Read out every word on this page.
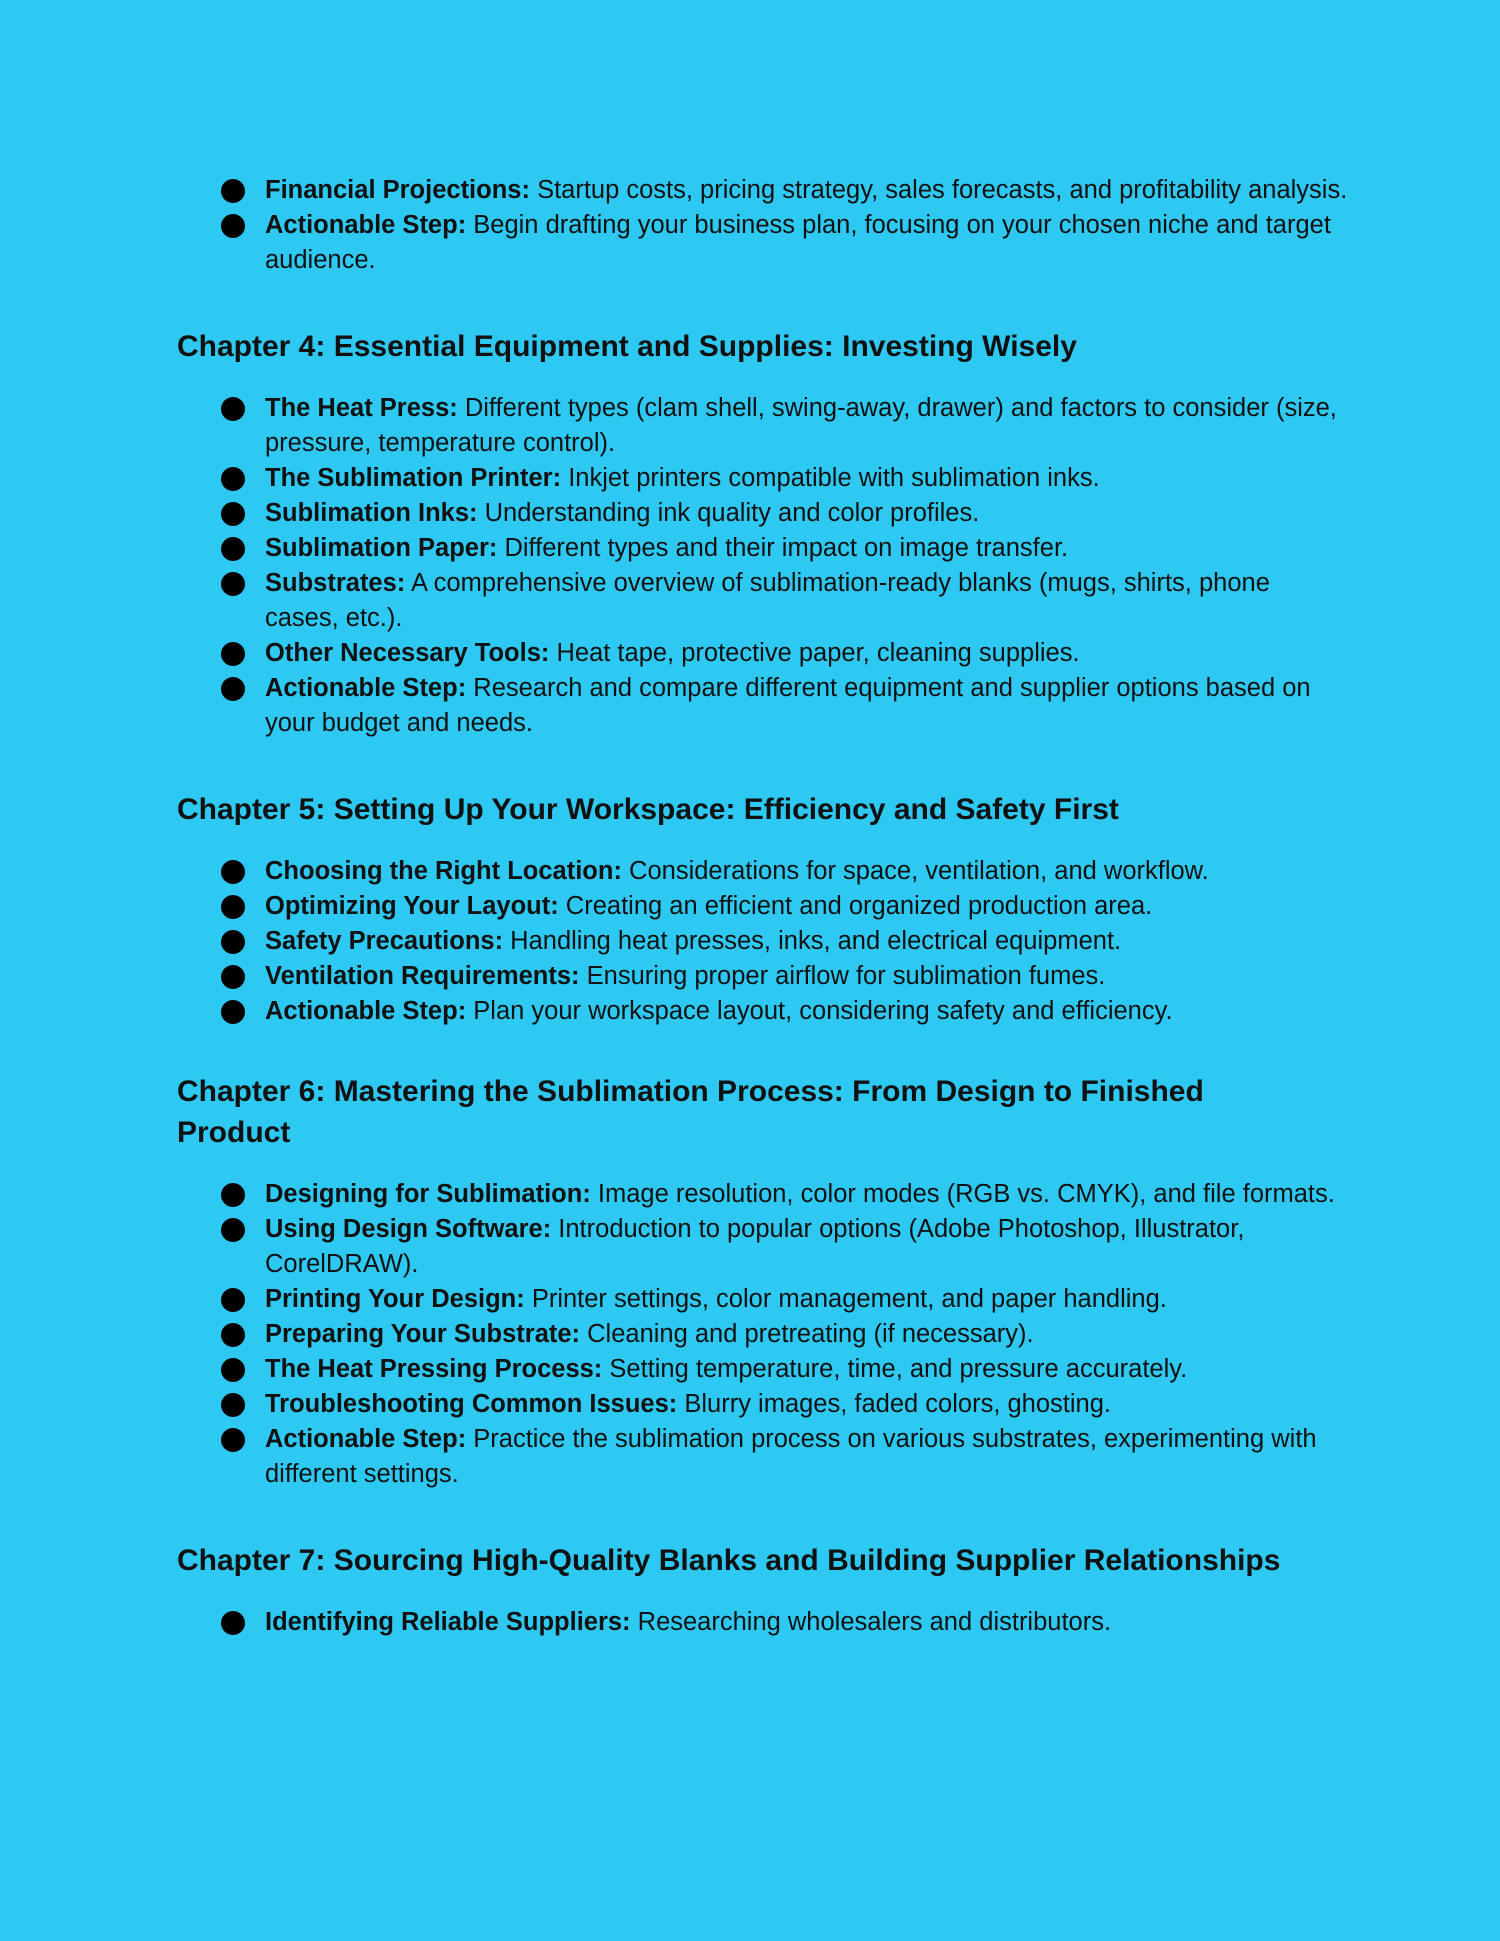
Financial Projections: Startup costs, pricing strategy, sales forecasts, and profitability analysis.
Actionable Step: Begin drafting your business plan, focusing on your chosen niche and target audience.
Chapter 4: Essential Equipment and Supplies: Investing Wisely
The Heat Press: Different types (clam shell, swing-away, drawer) and factors to consider (size, pressure, temperature control).
The Sublimation Printer: Inkjet printers compatible with sublimation inks.
Sublimation Inks: Understanding ink quality and color profiles.
Sublimation Paper: Different types and their impact on image transfer.
Substrates: A comprehensive overview of sublimation-ready blanks (mugs, shirts, phone cases, etc.).
Other Necessary Tools: Heat tape, protective paper, cleaning supplies.
Actionable Step: Research and compare different equipment and supplier options based on your budget and needs.
Chapter 5: Setting Up Your Workspace: Efficiency and Safety First
Choosing the Right Location: Considerations for space, ventilation, and workflow.
Optimizing Your Layout: Creating an efficient and organized production area.
Safety Precautions: Handling heat presses, inks, and electrical equipment.
Ventilation Requirements: Ensuring proper airflow for sublimation fumes.
Actionable Step: Plan your workspace layout, considering safety and efficiency.
Chapter 6: Mastering the Sublimation Process: From Design to Finished Product
Designing for Sublimation: Image resolution, color modes (RGB vs. CMYK), and file formats.
Using Design Software: Introduction to popular options (Adobe Photoshop, Illustrator, CorelDRAW).
Printing Your Design: Printer settings, color management, and paper handling.
Preparing Your Substrate: Cleaning and pretreating (if necessary).
The Heat Pressing Process: Setting temperature, time, and pressure accurately.
Troubleshooting Common Issues: Blurry images, faded colors, ghosting.
Actionable Step: Practice the sublimation process on various substrates, experimenting with different settings.
Chapter 7: Sourcing High-Quality Blanks and Building Supplier Relationships
Identifying Reliable Suppliers: Researching wholesalers and distributors.
